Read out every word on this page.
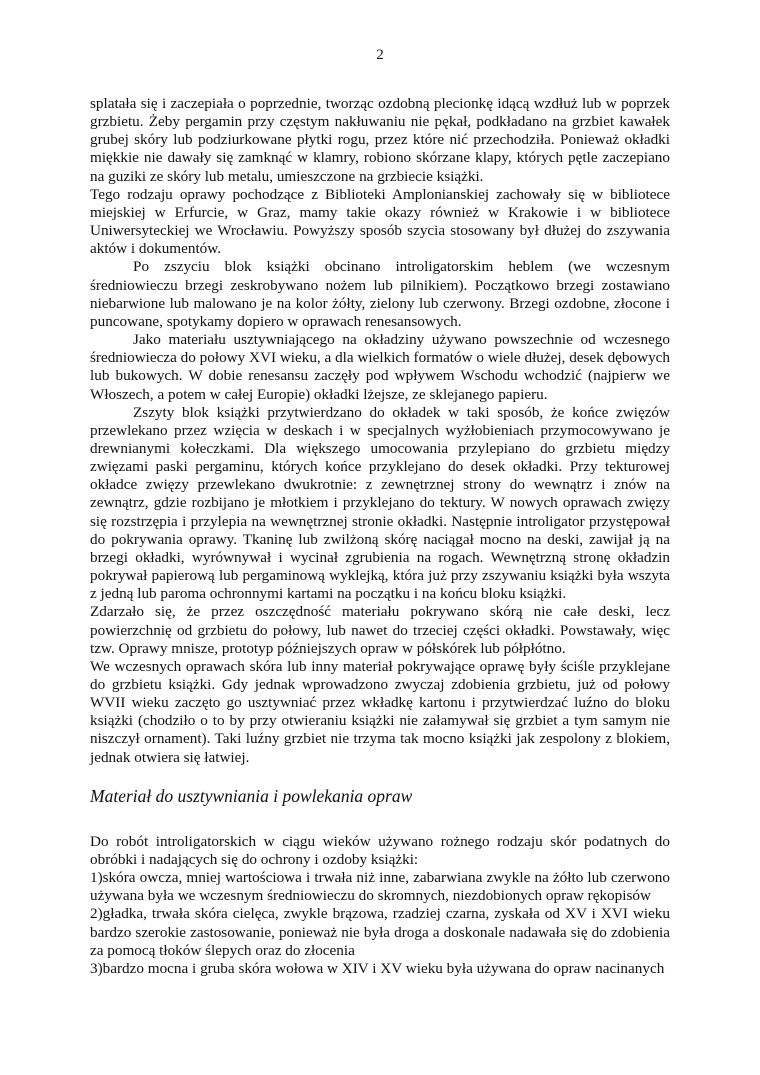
2

splatała się i zaczepiała o poprzednie, tworząc ozdobną plecionkę idącą wzdłuż lub w poprzek grzbietu. Żeby pergamin przy częstym nakłuwaniu nie pękał, podkładano na grzbiet kawałek grubej skóry lub podziurkowane płytki rogu, przez które nić przechodziła. Ponieważ okładki miękkie nie dawały się zamknąć w klamry, robiono skórzane klapy, których pętle zaczepiano na guziki ze skóry lub metalu, umieszczone na grzbiecie książki.

Tego rodzaju oprawy pochodzące z Biblioteki Amplonianskiej zachowały się w bibliotece miejskiej w Erfurcie, w Graz, mamy takie okazy również w Krakowie i w bibliotece Uniwersyteckiej we Wrocławiu. Powyższy sposób szycia stosowany był dłużej do zszywania aktów i dokumentów.

Po zszyciu blok książki obcinano introligatorskim heblem (we wczesnym średniowieczu brzegi zeskrobywano nożem lub pilnikiem). Początkowo brzegi zostawiano niebarwione lub malowano je na kolor żółty, zielony lub czerwony. Brzegi ozdobne, złocone i puncowane, spotykamy dopiero w oprawach renesansowych.

Jako materiału usztywniającego na okładziny używano powszechnie od wczesnego średniowiecza do połowy XVI wieku, a dla wielkich formatów o wiele dłużej, desek dębowych lub bukowych. W dobie renesansu zaczęły pod wpływem Wschodu wchodzić (najpierw we Włoszech, a potem w całej Europie) okładki lżejsze, ze sklejanego papieru.

Zszyty blok książki przytwierdzano do okładek w taki sposób, że końce zwięzów przewlekano przez wzięcia w deskach i w specjalnych wyżłobieniach przymocowywano je drewnianymi kołeczkami. Dla większego umocowania przylepiano do grzbietu między zwięzami paski pergaminu, których końce przyklejano do desek okładki. Przy tekturowej okładce zwięzy przewlekano dwukrotnie: z zewnętrznej strony do wewnątrz i znów na zewnątrz, gdzie rozbijano je młotkiem i przyklejano do tektury. W nowych oprawach zwięzy się rozstrzępia i przylepia na wewnętrznej stronie okładki. Następnie introligator przystępował do pokrywania oprawy. Tkaninę lub zwilżoną skórę naciągał mocno na deski, zawijał ją na brzegi okładki, wyrównywał i wycinał zgrubienia na rogach. Wewnętrzną stronę okładzin pokrywał papierową lub pergaminową wyklejką, która już przy zszywaniu książki była wszyta z jedną lub paroma ochronnymi kartami na początku i na końcu bloku książki.

Zdarzało się, że przez oszczędność materiału pokrywano skórą nie całe deski, lecz powierzchnię od grzbietu do połowy, lub nawet do trzeciej części okładki. Powstawały, więc tzw. Oprawy mnisze, prototyp późniejszych opraw w półskórek lub półpłótno.

We wczesnych oprawach skóra lub inny materiał pokrywające oprawę były ściśle przyklejane do grzbietu książki. Gdy jednak wprowadzono zwyczaj zdobienia grzbietu, już od połowy WVII wieku zaczęto go usztywniać przez wkładkę kartonu i przytwierdzać luźno do bloku książki (chodziło o to by przy otwieraniu książki nie załamywał się grzbiet a tym samym nie niszczył ornament). Taki luźny grzbiet nie trzyma tak mocno książki jak zespolony z blokiem, jednak otwiera się łatwiej.

Materiał do usztywniania i powlekania opraw

Do robót introligatorskich w ciągu wieków używano rożnego rodzaju skór podatnych do obróbki i nadających się do ochrony i ozdoby książki:

1)skóra owcza, mniej wartościowa i trwała niż inne, zabarwiana zwykle na żółto lub czerwono używana była we wczesnym średniowieczu do skromnych, niezdobionych opraw rękopisów
2)gładka, trwała skóra cielęca, zwykle brązowa, rzadziej czarna, zyskała od XV i XVI wieku bardzo szerokie zastosowanie, ponieważ nie była droga a doskonale nadawała się do zdobienia za pomocą tłoków ślepych oraz do złocenia
3)bardzo mocna i gruba skóra wołowa w XIV i XV wieku była używana do opraw nacinanych
